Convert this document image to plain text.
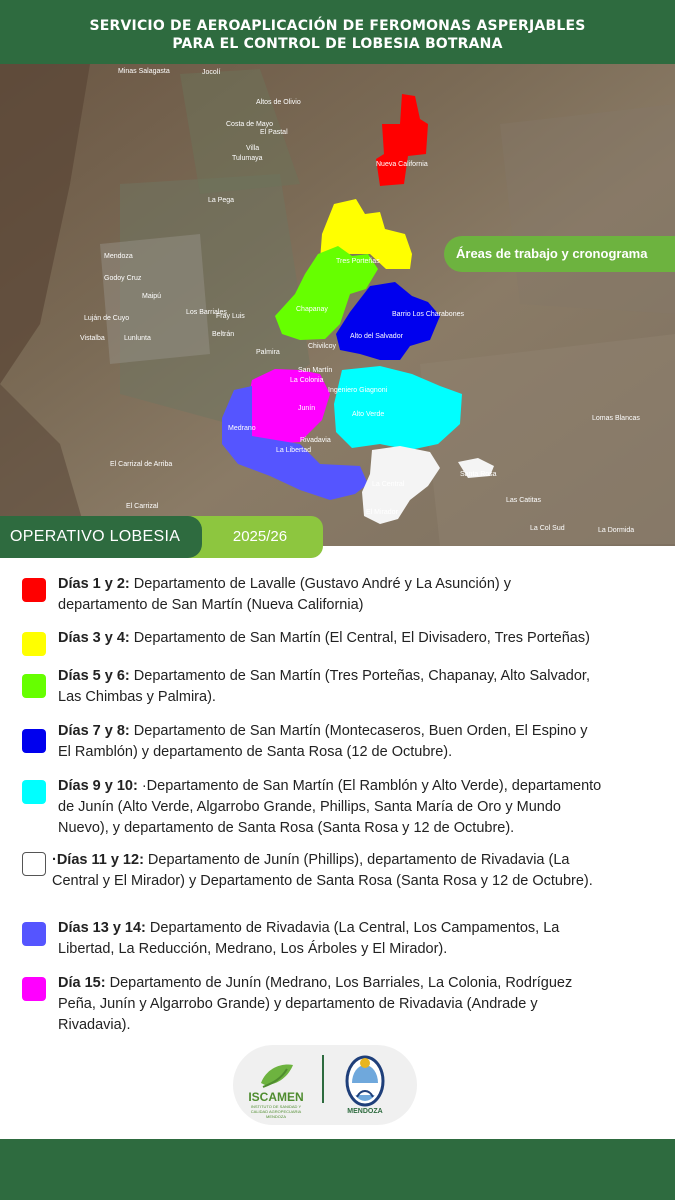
SERVICIO DE AEROAPLICACIÓN DE FEROMONAS ASPERJABLES
PARA EL CONTROL DE LOBESIA BOTRANA
Minas Salagasta	Jocolí
Altos de Olivio
El Pastal
Costa de Mayo
Tulumaya
Villa
La Pega
Mendoza
Godoy Cruz
Maipú
Luján de Cuyo
Vistalba	Lunlunta
Palmira
Los Barriales
Beltrán
Fray Luis
Nueva California
Tres Porteñas
Chapanay
Barrio Los Charabones
Alto del Salvador
Chivilcoy
San Martín
La Colonia
Ingeniero Giagnoni
Alto Verde
Junín
Medrano
Rivadavia
La Libertad
El Carrizal de Arriba
Santa Rosa
La Central
El Mirador
Las Catitas
La Dormida
La Col Sud
Lomas Blancas
El Carrizal
Áreas de trabajo y cronograma
OPERATIVO LOBESIA	2025/26
Días 1 y 2: Departamento de Lavalle (Gustavo André y La Asunción) y
departamento de San Martín (Nueva California)
Días 3 y 4: Departamento de San Martín (El Central, El Divisadero, Tres Porteñas)
Días 5 y 6: Departamento de San Martín (Tres Porteñas, Chapanay, Alto Salvador,
Las Chimbas y Palmira).
Días 7 y 8: Departamento de San Martín (Montecaseros, Buen Orden, El Espino y
El Ramblón) y departamento de Santa Rosa (12 de Octubre).
Días 9 y 10: ·Departamento de San Martín (El Ramblón y Alto Verde), departamento
de Junín (Alto Verde, Algarrobo Grande, Phillips, Santa María de Oro y Mundo
Nuevo), y departamento de Santa Rosa (Santa Rosa y 12 de Octubre).
·Días 11 y 12: Departamento de Junín (Phillips), departamento de Rivadavia (La
Central y El Mirador) y Departamento de Santa Rosa (Santa Rosa y 12 de Octubre).
Días 13 y 14: Departamento de Rivadavia (La Central, Los Campamentos, La
Libertad, La Reducción, Medrano, Los Árboles y El Mirador).
Día 15: Departamento de Junín (Medrano, Los Barriales, La Colonia, Rodríguez
Peña, Junín y Algarrobo Grande) y departamento de Rivadavia (Andrade y
Rivadavia).
ISCAMEN
INSTITUTO DE SANIDAD Y CALIDAD AGROPECUARIA MENDOZA
MENDOZA
